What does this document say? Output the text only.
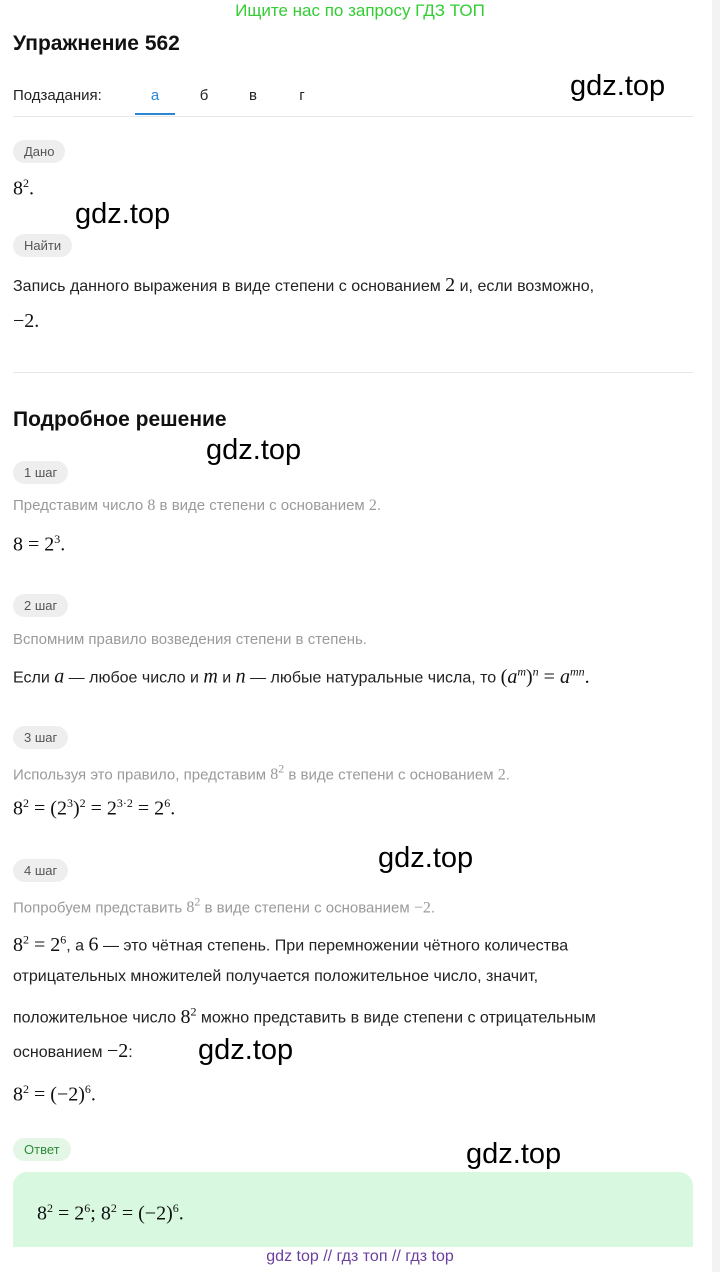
Ищите нас по запросу ГДЗ ТОП
Упражнение 562
gdz.top
Подзадания:	а	б	в	г
Дано
$8^2$.
gdz.top
Найти
Запись данного выражения в виде степени с основанием 2 и, если возможно,
−2.
Подробное решение
gdz.top
1 шаг
Представим число 8 в виде степени с основанием 2.
$8 = 2^3$.
2 шаг
Вспомним правило возведения степени в степень.
Если a — любое число и m и n — любые натуральные числа, то $(a^m)^n = a^{mn}$.
3 шаг
Используя это правило, представим $8^2$ в виде степени с основанием 2.
$8^2 = (2^3)^2 = 2^{3\cdot 2} = 2^6$.
gdz.top
4 шаг
Попробуем представить $8^2$ в виде степени с основанием −2.
$8^2 = 2^6$, а 6 — это чётная степень. При перемножении чётного количества
отрицательных множителей получается положительное число, значит,
положительное число $8^2$ можно представить в виде степени с отрицательным
основанием −2: gdz.top
$8^2 = (-2)^6$.
Ответ	gdz.top
$8^2 = 2^6$; $8^2 = (-2)^6$.
gdz top // гдз топ // гдз top
